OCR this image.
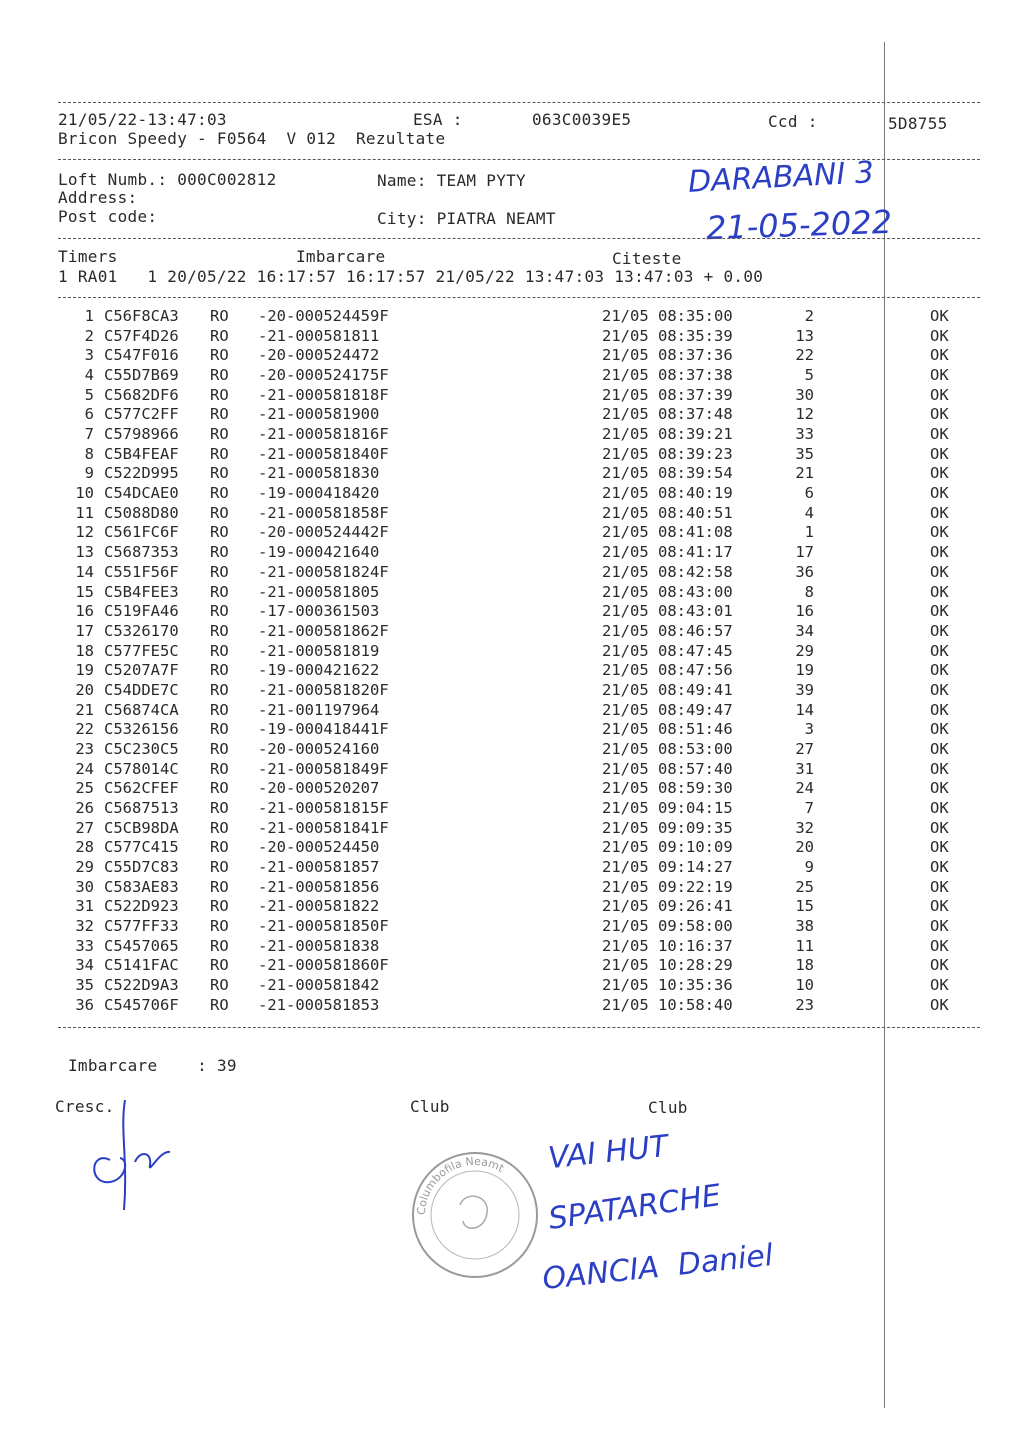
21/05/22-13:47:03	ESA :	063C0039E5	Ccd :	5D8755
Bricon Speedy - F0564  V 012  Rezultate
Loft Numb.: 000C002812	Name: TEAM PYTY
Address:
Post code:	City: PIATRA NEAMT
DARABANI 3
21-05-2022
Timers	Imbarcare	Citeste
1 RA01   1 20/05/22 16:17:57 16:17:57 21/05/22 13:47:03 13:47:03 + 0.00
1 C56F8CA3 RO -20-000524459F	21/05 08:35:00	2	OK
2 C57F4D26 RO -21-000581811	21/05 08:35:39	13	OK
3 C547F016 RO -20-000524472	21/05 08:37:36	22	OK
4 C55D7B69 RO -20-000524175F	21/05 08:37:38	5	OK
5 C5682DF6 RO -21-000581818F	21/05 08:37:39	30	OK
6 C577C2FF RO -21-000581900	21/05 08:37:48	12	OK
7 C5798966 RO -21-000581816F	21/05 08:39:21	33	OK
8 C5B4FEAF RO -21-000581840F	21/05 08:39:23	35	OK
9 C522D995 RO -21-000581830	21/05 08:39:54	21	OK
10 C54DCAE0 RO -19-000418420	21/05 08:40:19	6	OK
11 C5088D80 RO -21-000581858F	21/05 08:40:51	4	OK
12 C561FC6F RO -20-000524442F	21/05 08:41:08	1	OK
13 C5687353 RO -19-000421640	21/05 08:41:17	17	OK
14 C551F56F RO -21-000581824F	21/05 08:42:58	36	OK
15 C5B4FEE3 RO -21-000581805	21/05 08:43:00	8	OK
16 C519FA46 RO -17-000361503	21/05 08:43:01	16	OK
17 C5326170 RO -21-000581862F	21/05 08:46:57	34	OK
18 C577FE5C RO -21-000581819	21/05 08:47:45	29	OK
19 C5207A7F RO -19-000421622	21/05 08:47:56	19	OK
20 C54DDE7C RO -21-000581820F	21/05 08:49:41	39	OK
21 C56874CA RO -21-001197964	21/05 08:49:47	14	OK
22 C5326156 RO -19-000418441F	21/05 08:51:46	3	OK
23 C5C230C5 RO -20-000524160	21/05 08:53:00	27	OK
24 C578014C RO -21-000581849F	21/05 08:57:40	31	OK
25 C562CFEF RO -20-000520207	21/05 08:59:30	24	OK
26 C5687513 RO -21-000581815F	21/05 09:04:15	7	OK
27 C5CB98DA RO -21-000581841F	21/05 09:09:35	32	OK
28 C577C415 RO -20-000524450	21/05 09:10:09	20	OK
29 C55D7C83 RO -21-000581857	21/05 09:14:27	9	OK
30 C583AE83 RO -21-000581856	21/05 09:22:19	25	OK
31 C522D923 RO -21-000581822	21/05 09:26:41	15	OK
32 C577FF33 RO -21-000581850F	21/05 09:58:00	38	OK
33 C5457065 RO -21-000581838	21/05 10:16:37	11	OK
34 C5141FAC RO -21-000581860F	21/05 10:28:29	18	OK
35 C522D9A3 RO -21-000581842	21/05 10:35:36	10	OK
36 C545706F RO -21-000581853	21/05 10:58:40	23	OK
Imbarcare    : 39
Cresc.	Club	Club
Columbofila Neamt VAI HUT
SPATARCHE
OANCIA  Daniel
